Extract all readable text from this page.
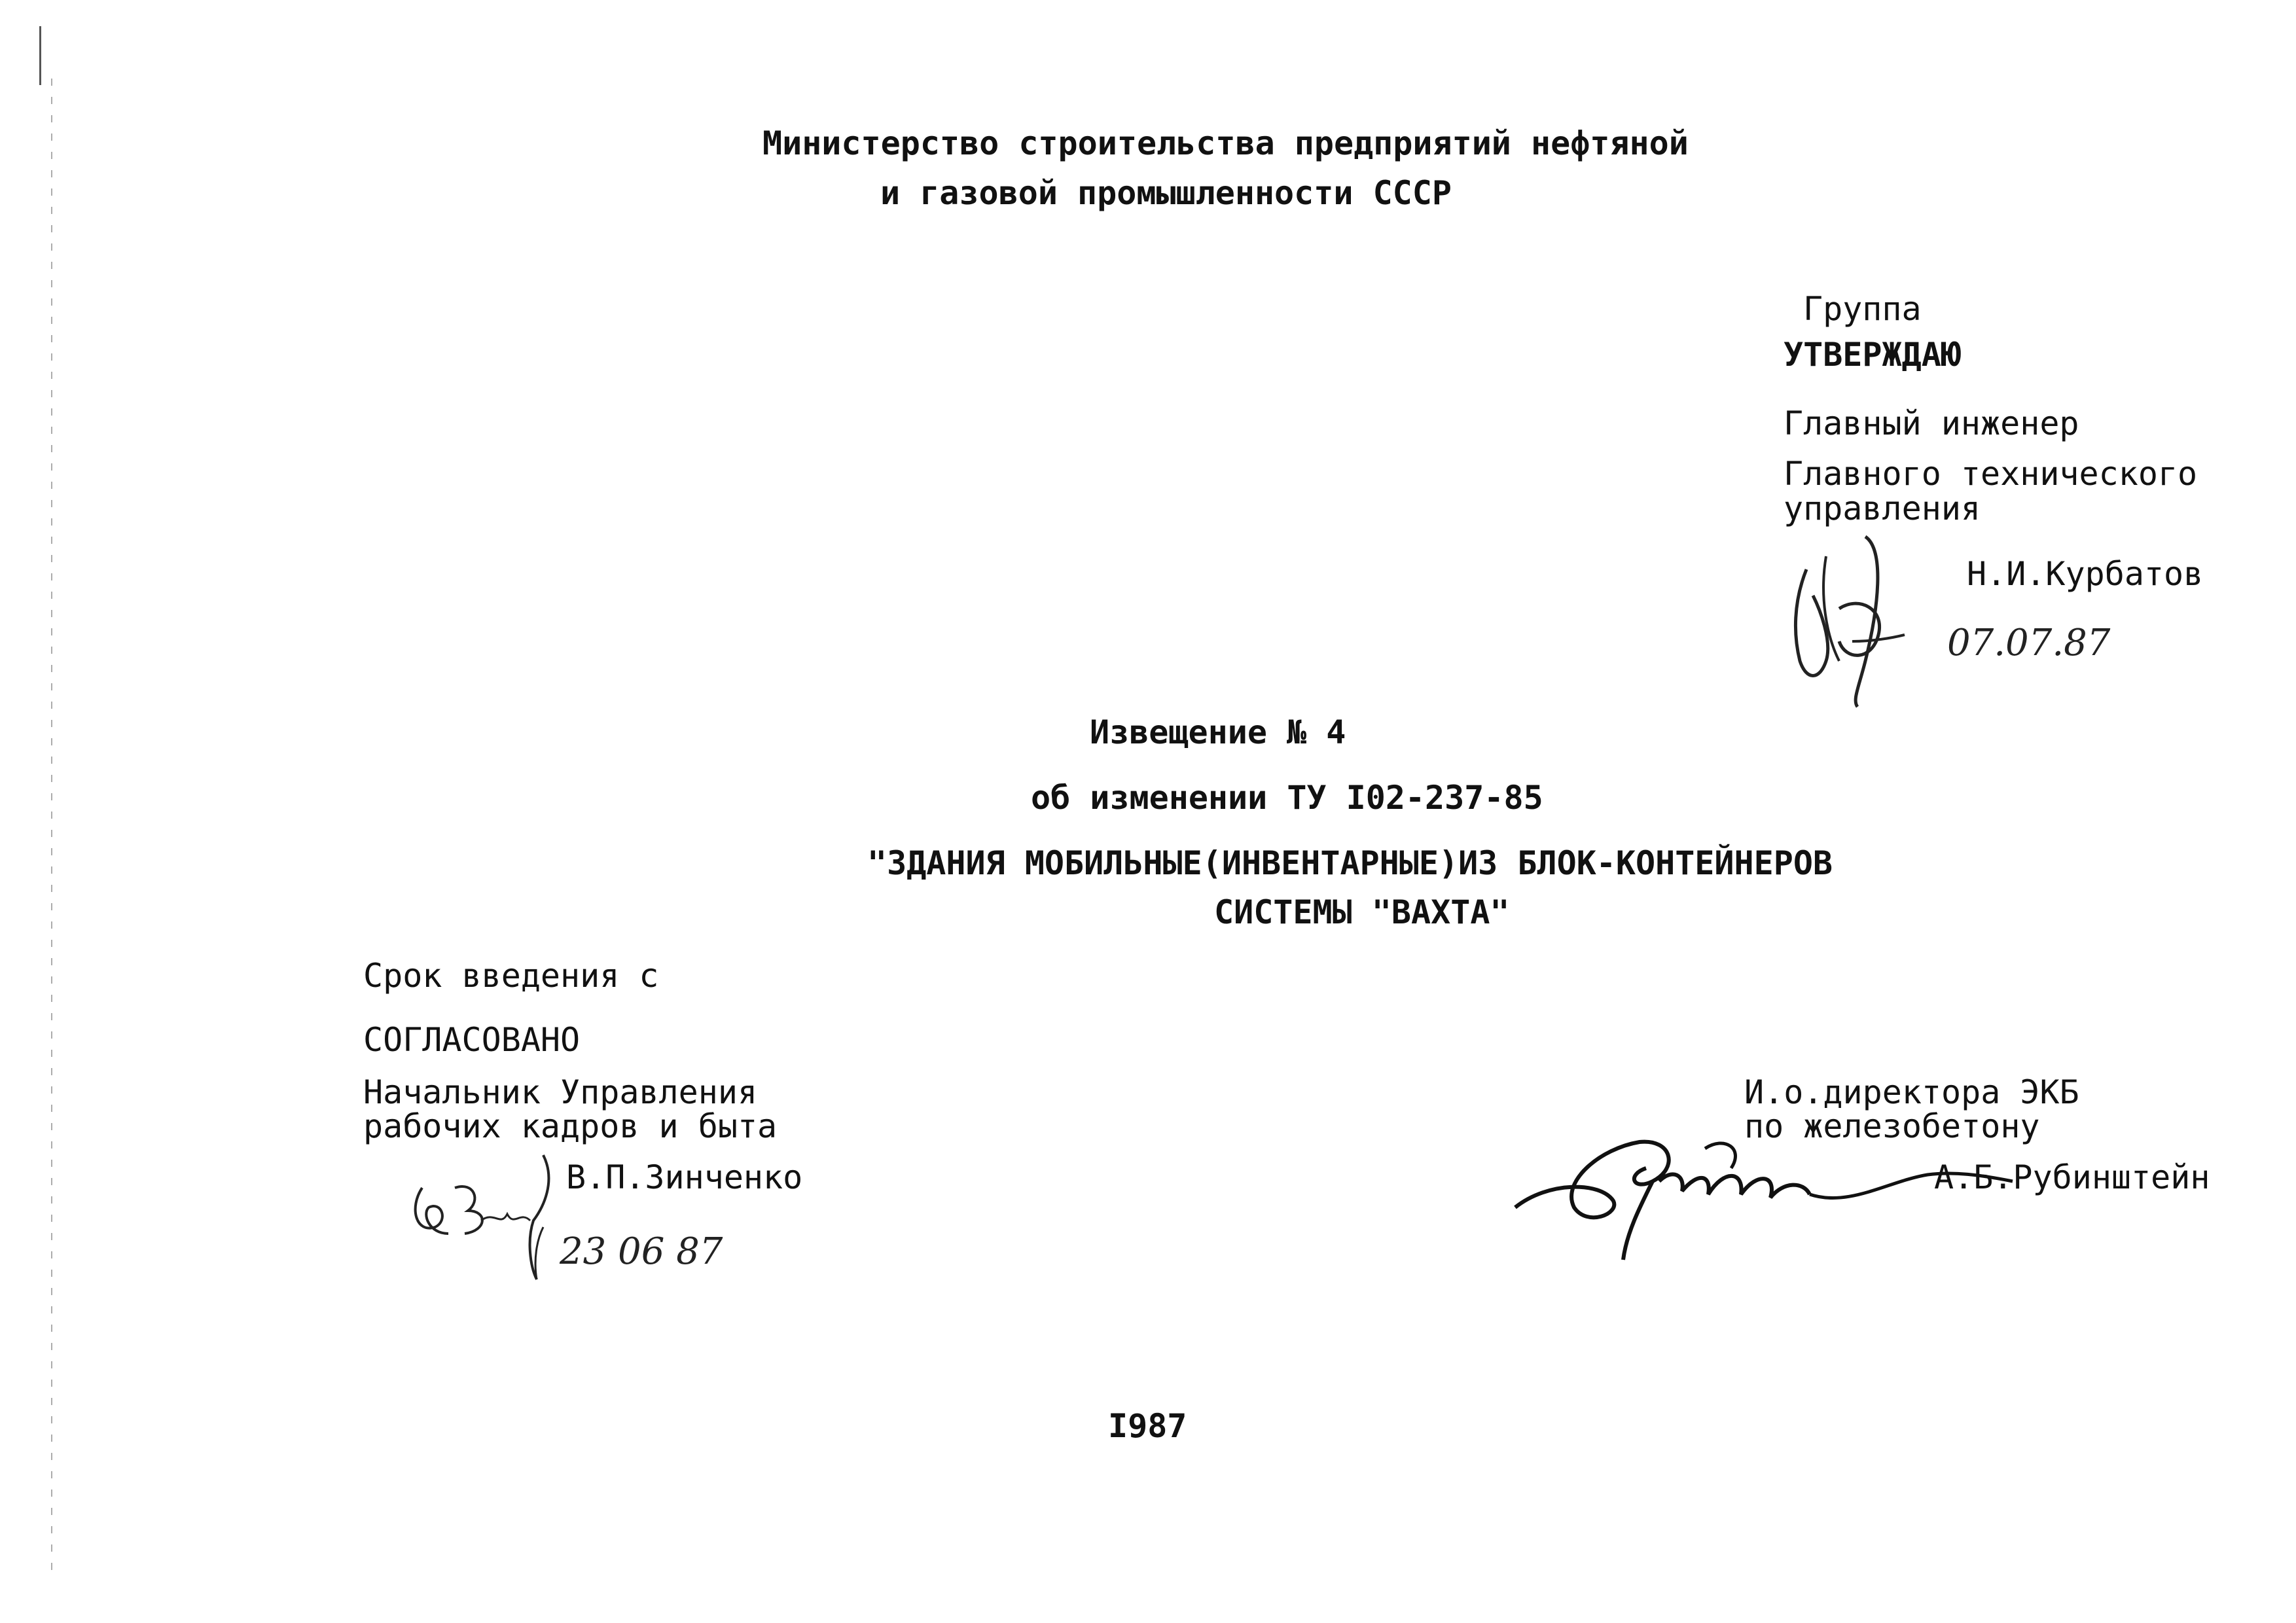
Министерство строительства предприятий нефтяной
и газовой промышленности СССР
Группа
УТВЕРЖДАЮ
Главный инженер
Главного технического
управления
Н.И.Курбатов
07.07.87
Извещение № 4
об изменении ТУ I02-237-85
"ЗДАНИЯ МОБИЛЬНЫЕ(ИНВЕНТАРНЫЕ)ИЗ БЛОК-КОНТЕЙНЕРОВ
СИСТЕМЫ "ВАХТА"
Срок введения с
СОГЛАСОВАНО
Начальник Управления
рабочих кадров и быта
В.П.Зинченко
23 06 87
И.о.директора ЭКБ
по железобетону
А.Б.Рубинштейн
I987
